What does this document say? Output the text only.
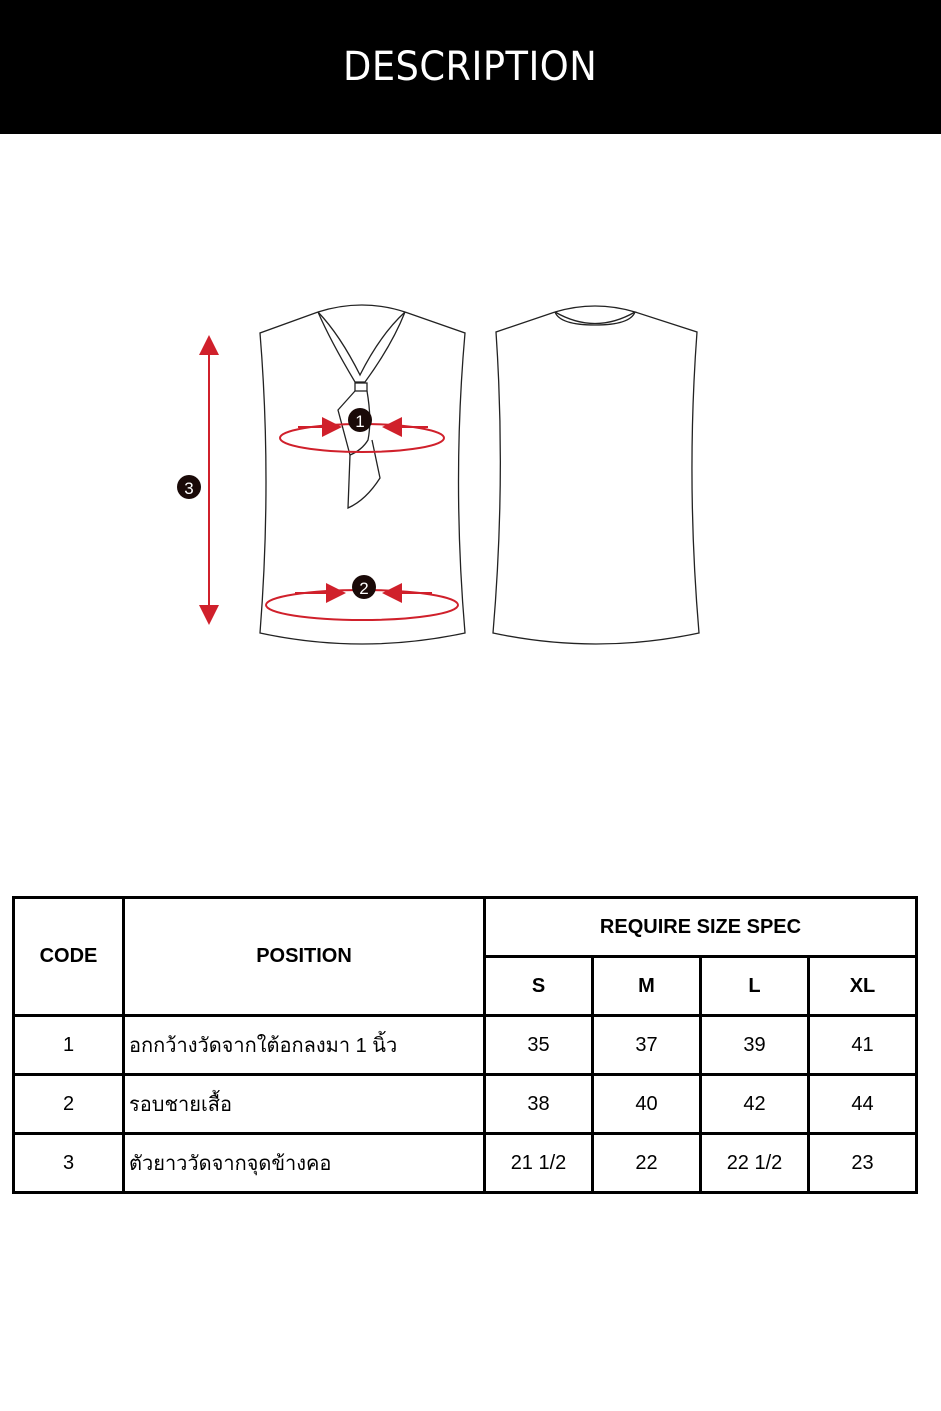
DESCRIPTION
1
2
3
CODE	POSITION	REQUIRE SIZE SPEC			
		S	M	L	XL
1	อกกว้างวัดจากใต้อกลงมา 1 นิ้ว	35	37	39	41
2	รอบชายเสื้อ	38	40	42	44
3	ตัวยาววัดจากจุดข้างคอ	21 1/2	22	22 1/2	23
